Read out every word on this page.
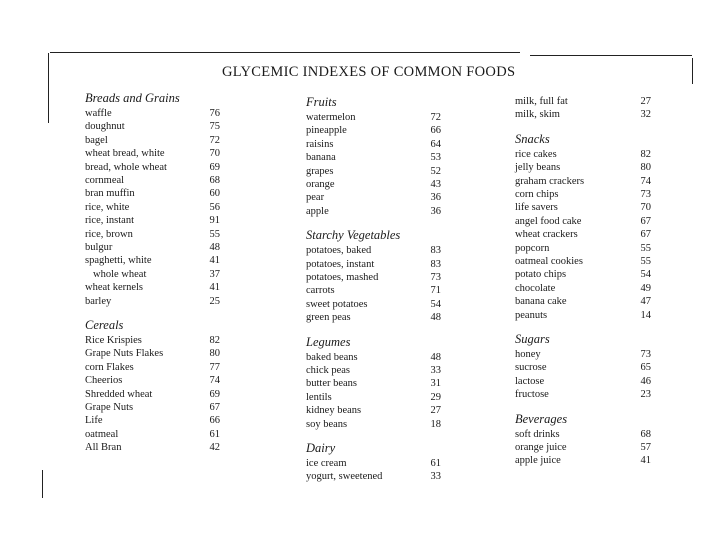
GLYCEMIC INDEXES OF COMMON FOODS
Breads and Grains
waffle	76
doughnut	75
bagel	72
wheat bread, white	70
bread, whole wheat	69
cornmeal	68
bran muffin	60
rice, white	56
rice, instant	91
rice, brown	55
bulgur	48
spaghetti, white	41
whole wheat	37
wheat kernels	41
barley	25
Cereals
Rice Krispies	82
Grape Nuts Flakes	80
corn Flakes	77
Cheerios	74
Shredded wheat	69
Grape Nuts	67
Life	66
oatmeal	61
All Bran	42
Fruits
watermelon	72
pineapple	66
raisins	64
banana	53
grapes	52
orange	43
pear	36
apple	36
Starchy Vegetables
potatoes, baked	83
potatoes, instant	83
potatoes, mashed	73
carrots	71
sweet potatoes	54
green peas	48
Legumes
baked beans	48
chick peas	33
butter beans	31
lentils	29
kidney beans	27
soy beans	18
Dairy
ice cream	61
yogurt, sweetened	33
milk, full fat	27
milk, skim	32
Snacks
rice cakes	82
jelly beans	80
graham crackers	74
corn chips	73
life savers	70
angel food cake	67
wheat crackers	67
popcorn	55
oatmeal cookies	55
potato chips	54
chocolate	49
banana cake	47
peanuts	14
Sugars
honey	73
sucrose	65
lactose	46
fructose	23
Beverages
soft drinks	68
orange juice	57
apple juice	41
